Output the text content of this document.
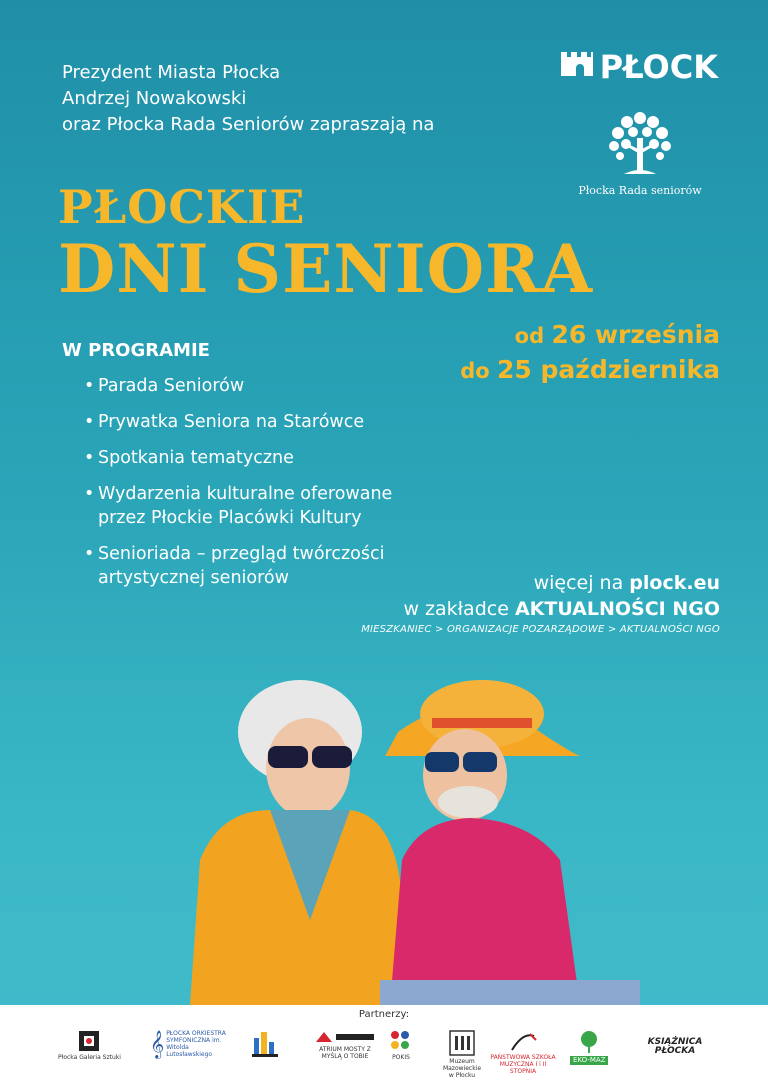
Prezydent Miasta Płocka
Andrzej Nowakowski
oraz Płocka Rada Seniorów zapraszają na
PŁOCK
Płocka Rada seniorów
PŁOCKIE
DNI SENIORA
od 26 września
do 25 października
W PROGRAMIE
• Parada Seniorów
• Prywatka Seniora na Starówce
• Spotkania tematyczne
• Wydarzenia kulturalne oferowane
przez Płockie Placówki Kultury
• Senioriada – przegląd twórczości
artystycznej seniorów	więcej na plock.eu
w zakładce AKTUALNOŚCI NGO
MIESZKANIEC > ORGANIZACJE POZARZĄDOWE > AKTUALNOŚCI NGO
Partnerzy:
Płocka Galeria Sztuki 𝄞 PŁOCKA ORKIESTRA SYMFONICZNA im. Witolda Lutosławskiego
ATRIUM MOSTY Z MYŚLĄ O TOBIE	POKIS
Muzeum Mazowieckie w Płocku
PAŃSTWOWA SZKOŁA MUZYCZNA I i II STOPNIA
EKO-MAZ
KSIĄŻNICA PŁOCKA
